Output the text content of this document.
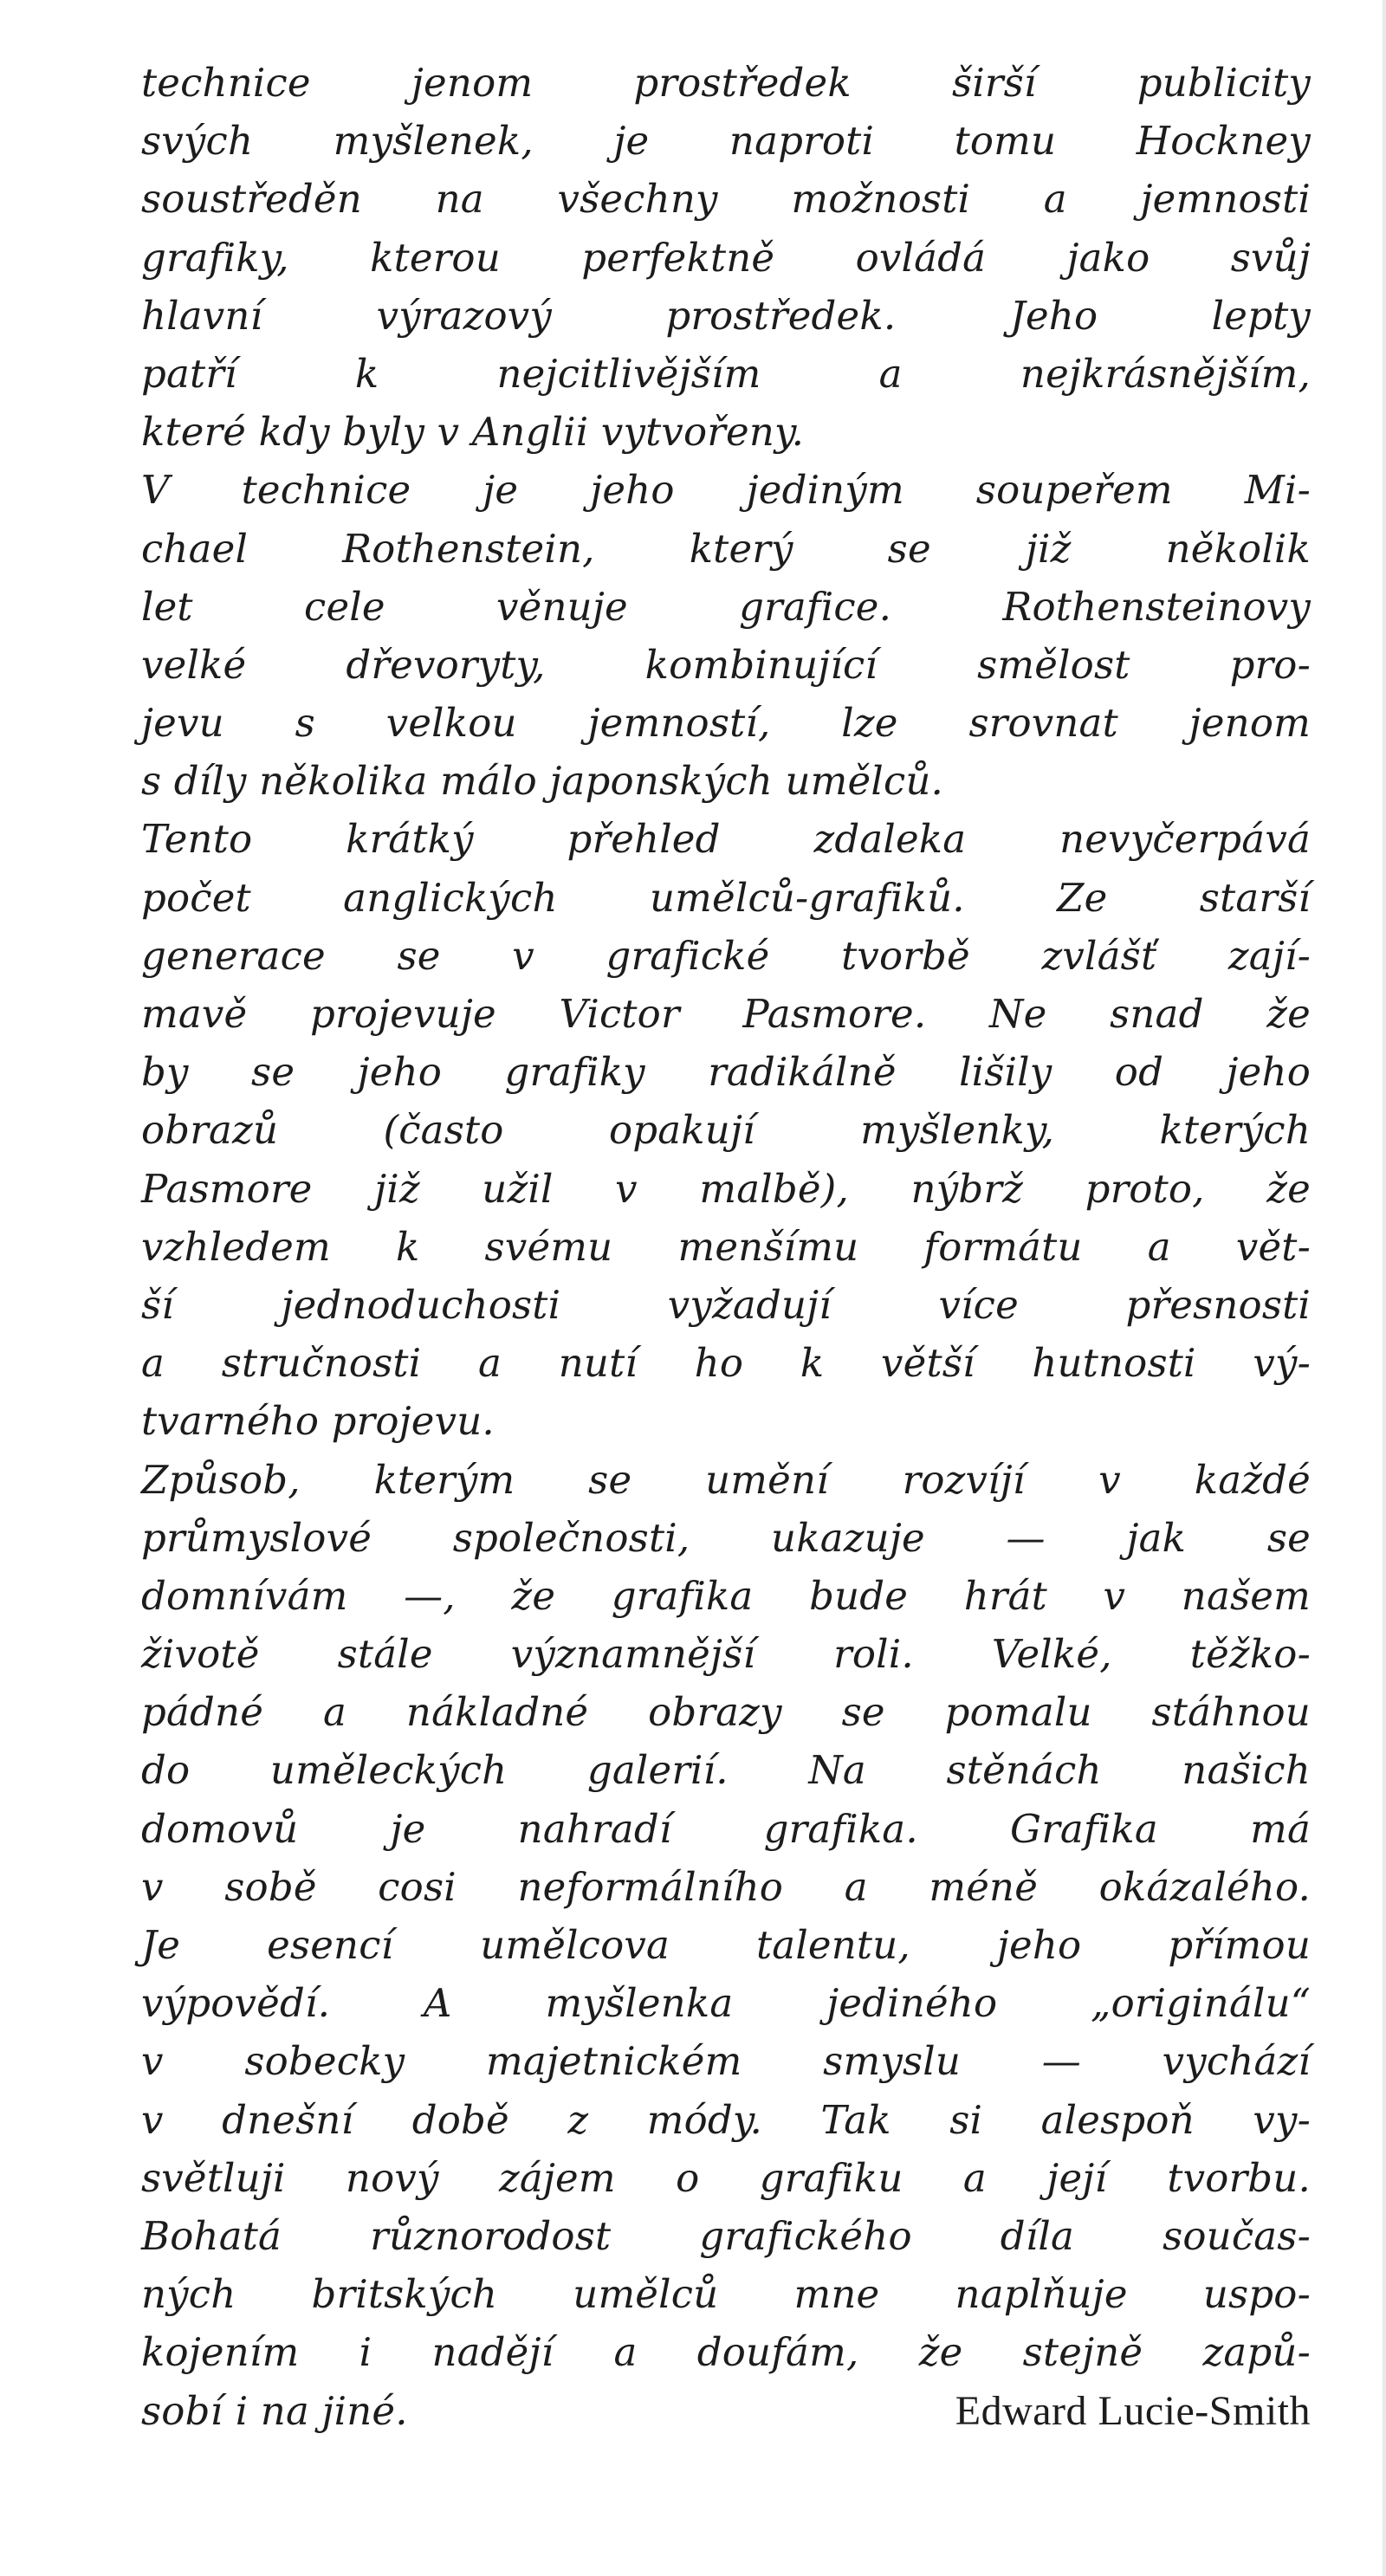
technice jenom prostředek širší publicity
svých myšlenek, je naproti tomu Hockney
soustředěn na všechny možnosti a jemnosti
grafiky, kterou perfektně ovládá jako svůj
hlavní výrazový prostředek. Jeho lepty
patří k nejcitlivějším a nejkrásnějším,
které kdy byly v Anglii vytvořeny.
V technice je jeho jediným soupeřem Mi-
chael Rothenstein, který se již několik
let cele věnuje grafice. Rothensteinovy
velké dřevoryty, kombinující smělost pro-
jevu s velkou jemností, lze srovnat jenom
s díly několika málo japonských umělců.
Tento krátký přehled zdaleka nevyčerpává
počet anglických umělců-grafiků. Ze starší
generace se v grafické tvorbě zvlášť zají-
mavě projevuje Victor Pasmore. Ne snad že
by se jeho grafiky radikálně lišily od jeho
obrazů (často opakují myšlenky, kterých
Pasmore již užil v malbě), nýbrž proto, že
vzhledem k svému menšímu formátu a vět-
ší jednoduchosti vyžadují více přesnosti
a stručnosti a nutí ho k větší hutnosti vý-
tvarného projevu.
Způsob, kterým se umění rozvíjí v každé
průmyslové společnosti, ukazuje — jak se
domnívám —, že grafika bude hrát v našem
životě stále významnější roli. Velké, těžko-
pádné a nákladné obrazy se pomalu stáhnou
do uměleckých galerií. Na stěnách našich
domovů je nahradí grafika. Grafika má
v sobě cosi neformálního a méně okázalého.
Je esencí umělcova talentu, jeho přímou
výpovědí. A myšlenka jediného „originálu“
v sobecky majetnickém smyslu — vychází
v dnešní době z módy. Tak si alespoň vy-
světluji nový zájem o grafiku a její tvorbu.
Bohatá různorodost grafického díla součas-
ných britských umělců mne naplňuje uspo-
kojením i nadějí a doufám, že stejně zapů-
sobí i na jiné.	Edward Lucie-Smith
